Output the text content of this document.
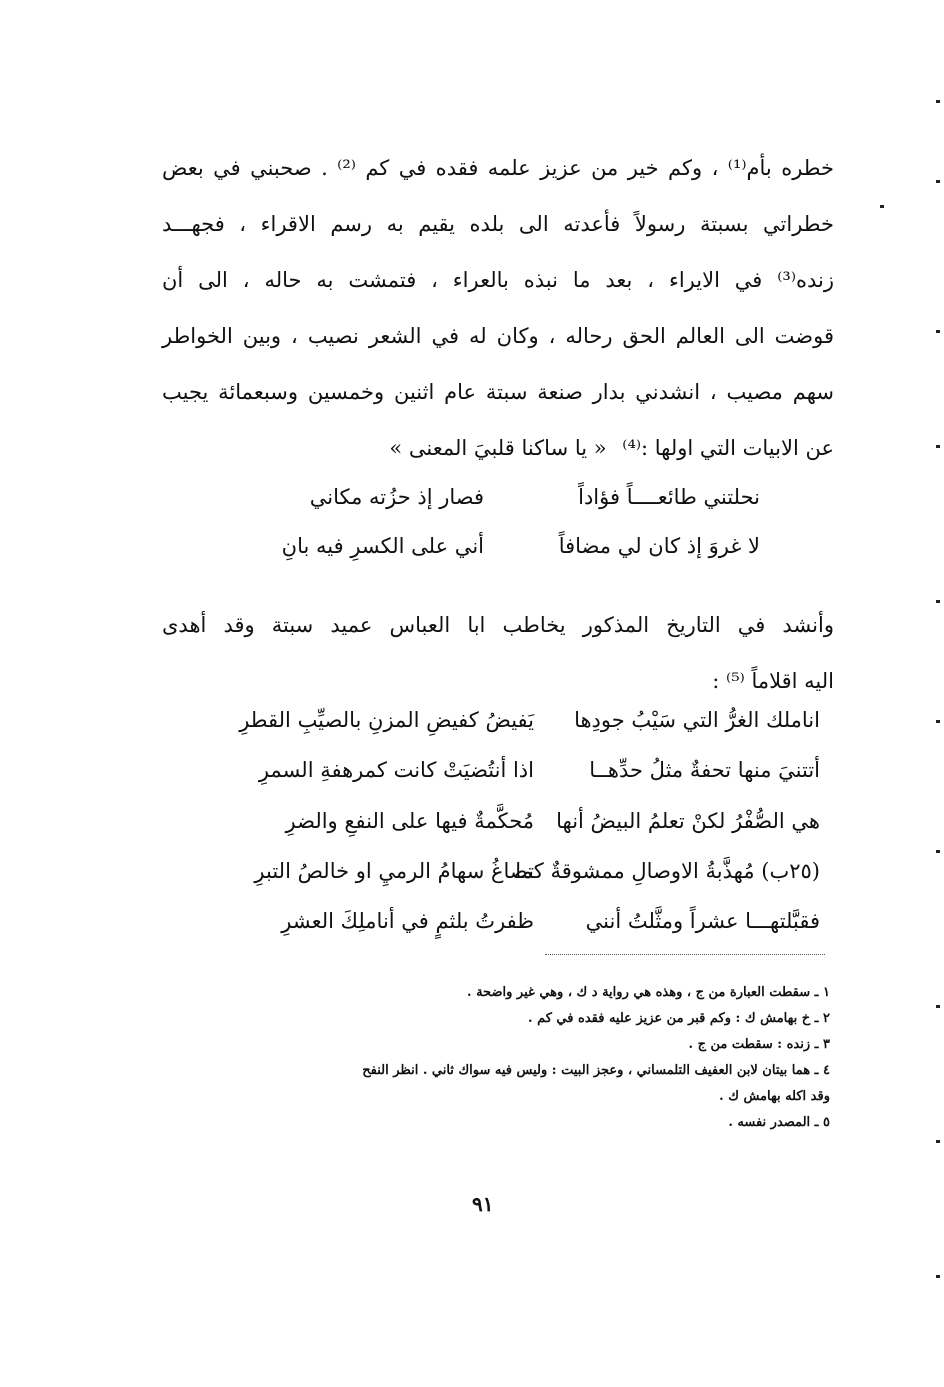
خطره بأم⁽¹⁾ ، وكم خير من عزيز علمه فقده في كم ⁽²⁾ . صحبني في بعض
خطراتي بسبتة رسولاً فأعدته الى بلده يقيم به رسم الاقراء ، فجهـــد
زنده⁽³⁾ في الايراء ، بعد ما نبذه بالعراء ، فتمشت به حاله ، الى أن
قوضت الى العالم الحق رحاله ، وكان له في الشعر نصيب ، وبين الخواطر
سهم مصيب ، انشدني بدار صنعة سبتة عام اثنين وخمسين وسبعمائة يجيب
عن الابيات التي اولها :⁽⁴⁾
« يا ساكنا قلبيَ المعنى »
نحلتني طائعــــاً فؤاداً
فصار إذ حزُته مكاني
لا غروَ إذ كان لي مضافاً
أني على الكسرِ فيه بانِ
وأنشد في التاريخ المذكور يخاطب ابا العباس عميد سبتة وقد أهدى
اليه اقلاماً ⁽⁵⁾ :
اناملك الغرُّ التي سَيْبُ جودِها
يَفيضُ كفيضِ المزنِ بالصيِّبِ القطرِ
أتتنيَ منها تحفةٌ مثلُ حدِّهــا
اذا أنتُضيَتْ كانت كمرهفةِ السمرِ
هي الصُّفْرُ لكنْ تعلمُ البيضُ أنها
مُحكَّمةٌ فيها على النفعِ والضرِ
(٢٥ب) مُهذَّبةُ الاوصالِ ممشوقةٌ كما
تصاغُ سهامُ الرميِ او خالصُ التبرِ
فقبَّلتهـــا عشراً ومثَّلتُ أنني
ظفرتُ بلثمٍ في أناملِكَ العشرِ
١ ـ سقطت العبارة من ج ، وهذه هي رواية د ك ، وهي غير واضحة .
٢ ـ خ بهامش ك : وكم قبر من عزيز عليه فقده في كم .
٣ ـ زنده : سقطت من ج .
٤ ـ هما بيتان لابن العفيف التلمساني ، وعجز البيت : وليس فيه سواك ثاني . انظر النفح
وقد اكله بهامش ك .
٥ ـ المصدر نفسه .
٩١
